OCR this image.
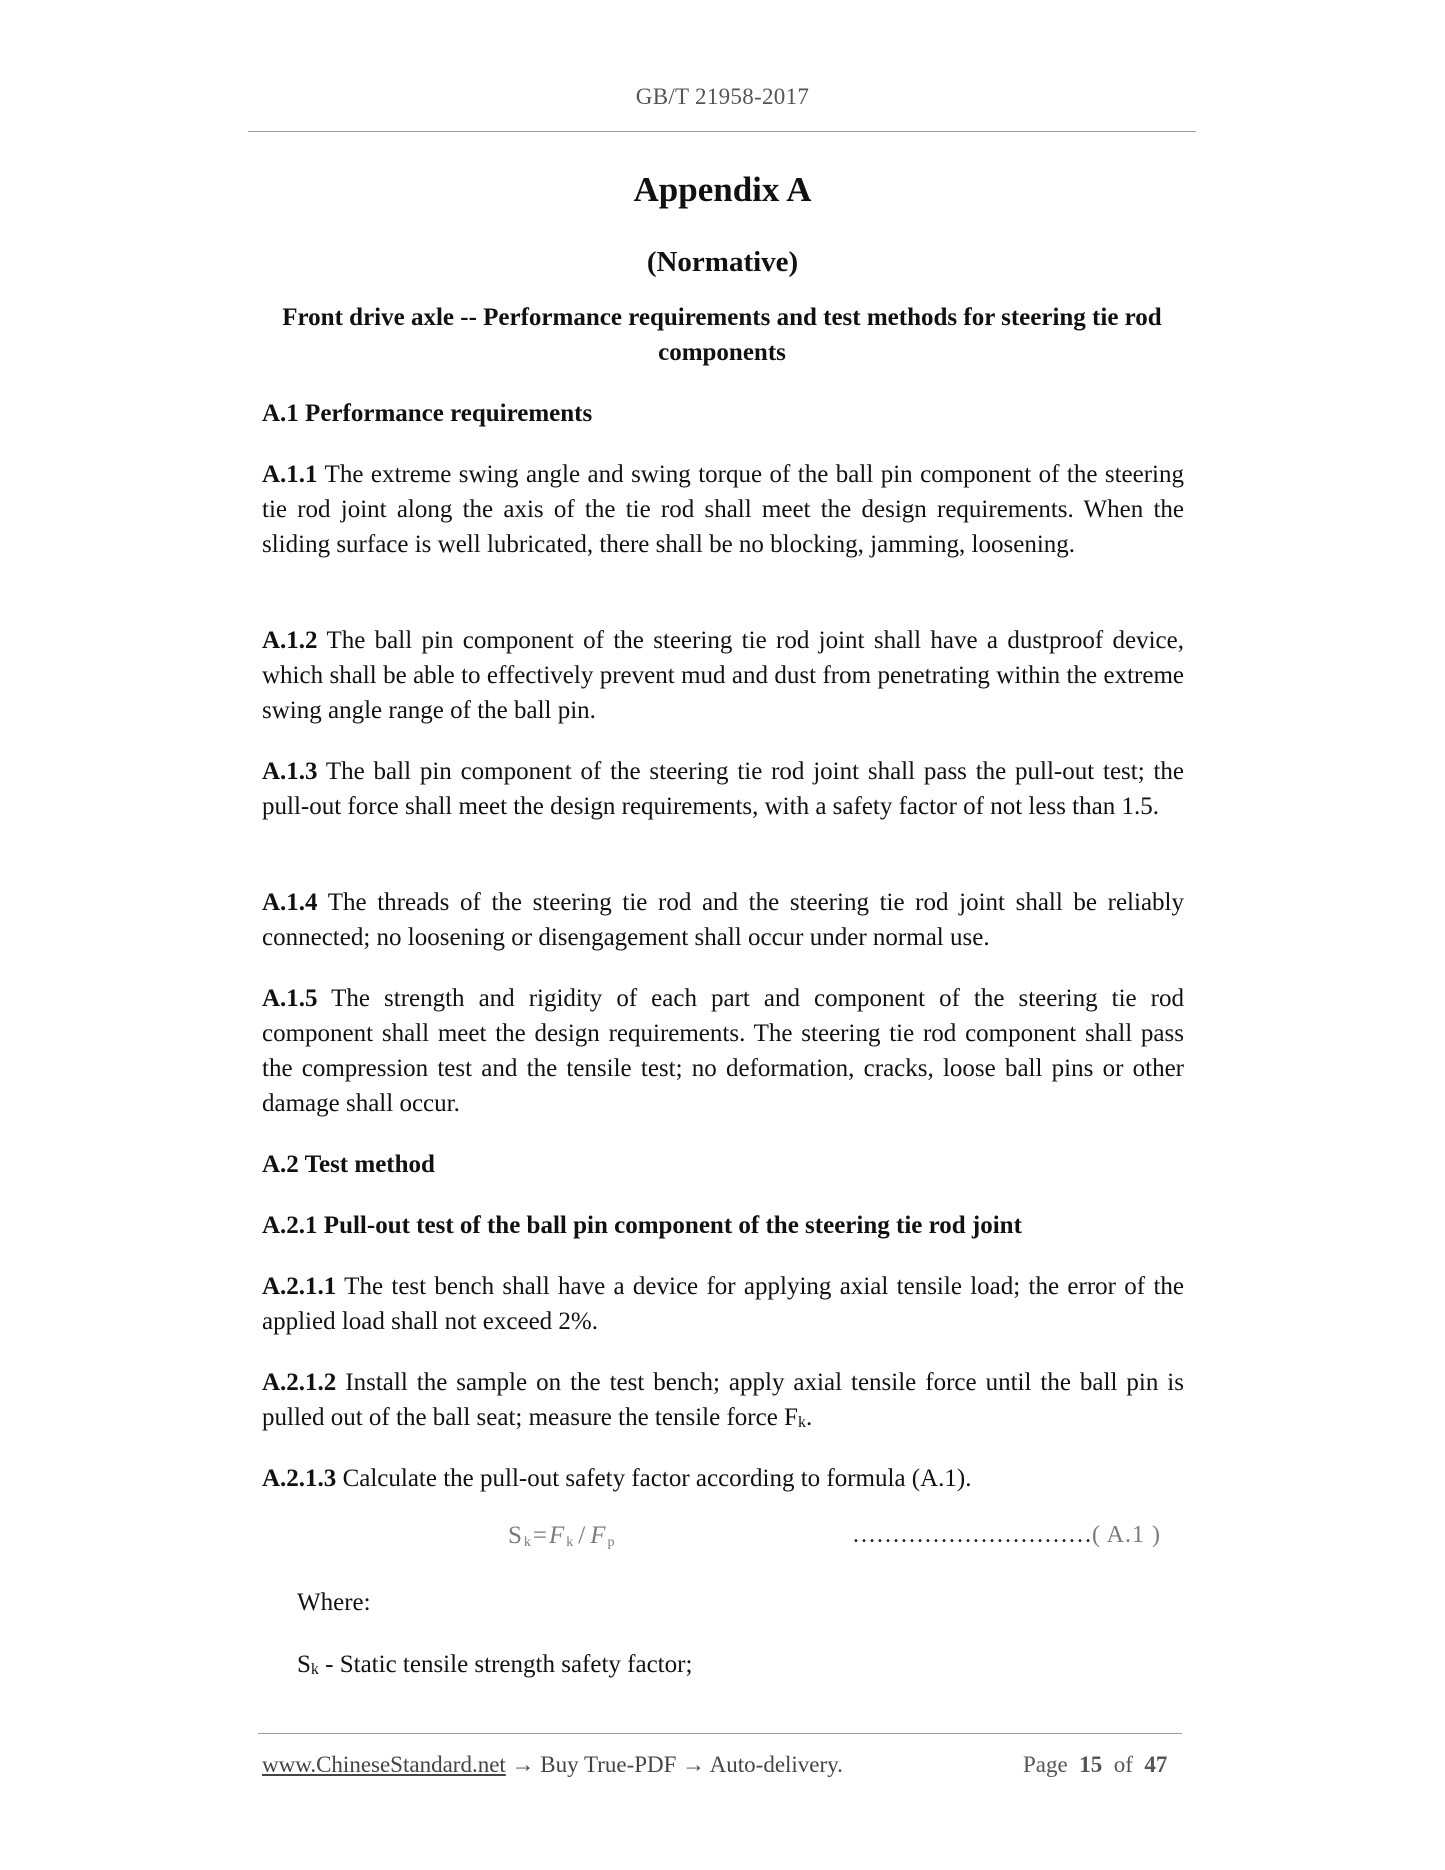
GB/T 21958-2017
Appendix A
(Normative)
Front drive axle -- Performance requirements and test methods for steering tie rod components
A.1 Performance requirements

A.1.1 The extreme swing angle and swing torque of the ball pin component of the steering tie rod joint along the axis of the tie rod shall meet the design requirements. When the sliding surface is well lubricated, there shall be no blocking, jamming, loosening.

A.1.2 The ball pin component of the steering tie rod joint shall have a dustproof device, which shall be able to effectively prevent mud and dust from penetrating within the extreme swing angle range of the ball pin.

A.1.3 The ball pin component of the steering tie rod joint shall pass the pull-out test; the pull-out force shall meet the design requirements, with a safety factor of not less than 1.5.

A.1.4 The threads of the steering tie rod and the steering tie rod joint shall be reliably connected; no loosening or disengagement shall occur under normal use.

A.1.5 The strength and rigidity of each part and component of the steering tie rod component shall meet the design requirements. The steering tie rod component shall pass the compression test and the tensile test; no deformation, cracks, loose ball pins or other damage shall occur.

A.2 Test method
A.2.1 Pull-out test of the ball pin component of the steering tie rod joint

A.2.1.1 The test bench shall have a device for applying axial tensile load; the error of the applied load shall not exceed 2%.

A.2.1.2 Install the sample on the test bench; apply axial tensile force until the ball pin is pulled out of the ball seat; measure the tensile force $F_k$.

A.2.1.3 Calculate the pull-out safety factor according to formula (A.1).

$S_k=F_k / F_p$	…………………………( A.1 )
Where:
$S_k$ - Static tensile strength safety factor;
www.ChineseStandard.net → Buy True-PDF → Auto-delivery.	Page 15 of 47
